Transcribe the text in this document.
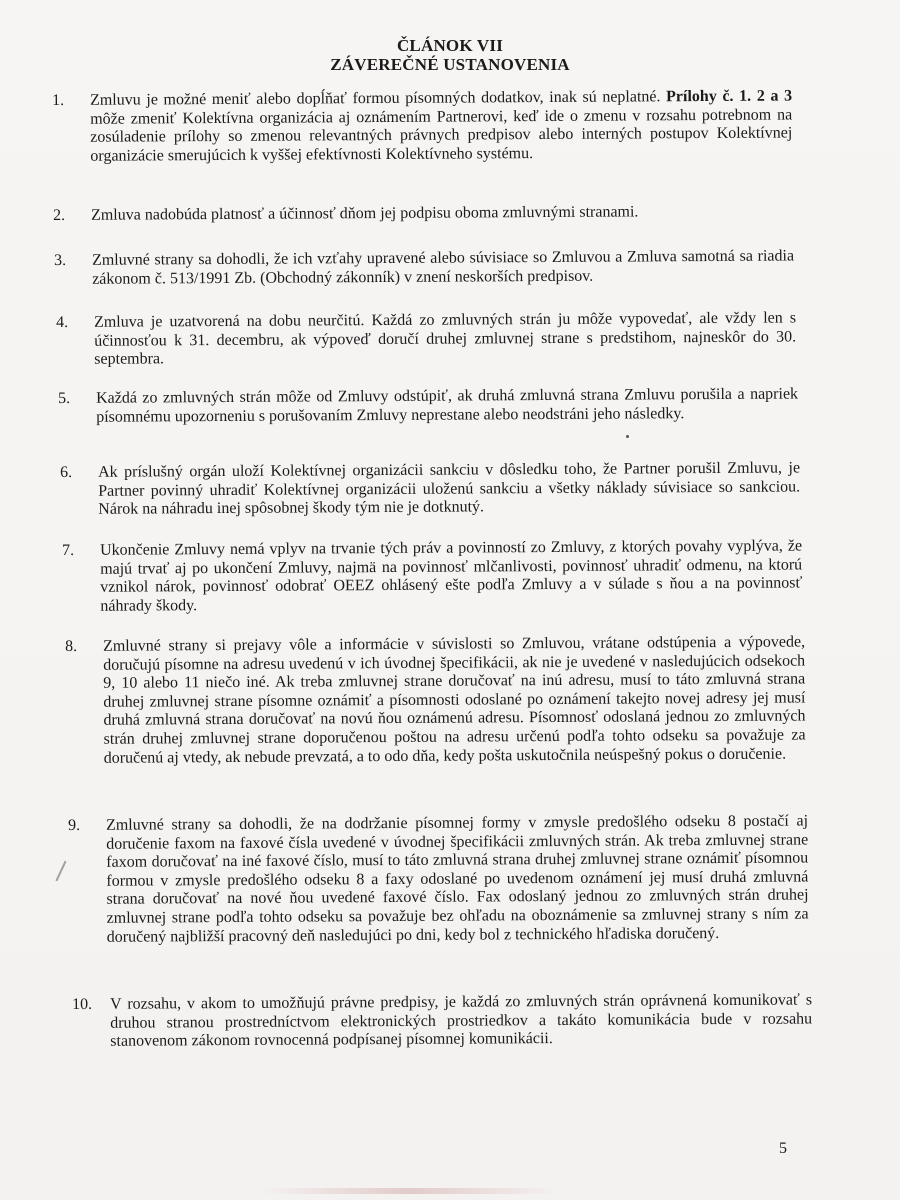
ČLÁNOK VII
ZÁVEREČNÉ USTANOVENIA
1.	Zmluvu je možné meniť alebo dopĺňať formou písomných dodatkov, inak sú neplatné. Prílohy č. 1. 2 a 3 môže zmeniť Kolektívna organizácia aj oznámením Partnerovi, keď ide o zmenu v rozsahu potrebnom na zosúladenie prílohy so zmenou relevantných právnych predpisov alebo interných postupov Kolektívnej organizácie smerujúcich k vyššej efektívnosti Kolektívneho systému.
2.	Zmluva nadobúda platnosť a účinnosť dňom jej podpisu oboma zmluvnými stranami.
3.	Zmluvné strany sa dohodli, že ich vzťahy upravené alebo súvisiace so Zmluvou a Zmluva samotná sa riadia zákonom č. 513/1991 Zb. (Obchodný zákonník) v znení neskorších predpisov.
4.	Zmluva je uzatvorená na dobu neurčitú. Každá zo zmluvných strán ju môže vypovedať, ale vždy len s účinnosťou k 31. decembru, ak výpoveď doručí druhej zmluvnej strane s predstihom, najneskôr do 30. septembra.
5.	Každá zo zmluvných strán môže od Zmluvy odstúpiť, ak druhá zmluvná strana Zmluvu porušila a napriek písomnému upozorneniu s porušovaním Zmluvy neprestane alebo neodstráni jeho následky.
6.	Ak príslušný orgán uloží Kolektívnej organizácii sankciu v dôsledku toho, že Partner porušil Zmluvu, je Partner povinný uhradiť Kolektívnej organizácii uloženú sankciu a všetky náklady súvisiace so sankciou. Nárok na náhradu inej spôsobnej škody tým nie je dotknutý.
7.	Ukončenie Zmluvy nemá vplyv na trvanie tých práv a povinností zo Zmluvy, z ktorých povahy vyplýva, že majú trvať aj po ukončení Zmluvy, najmä na povinnosť mlčanlivosti, povinnosť uhradiť odmenu, na ktorú vznikol nárok, povinnosť odobrať OEEZ ohlásený ešte podľa Zmluvy a v súlade s ňou a na povinnosť náhrady škody.
8.	Zmluvné strany si prejavy vôle a informácie v súvislosti so Zmluvou, vrátane odstúpenia a výpovede, doručujú písomne na adresu uvedenú v ich úvodnej špecifikácii, ak nie je uvedené v nasledujúcich odsekoch 9, 10 alebo 11 niečo iné. Ak treba zmluvnej strane doručovať na inú adresu, musí to táto zmluvná strana druhej zmluvnej strane písomne oznámiť a písomnosti odoslané po oznámení takejto novej adresy jej musí druhá zmluvná strana doručovať na novú ňou oznámenú adresu. Písomnosť odoslaná jednou zo zmluvných strán druhej zmluvnej strane doporučenou poštou na adresu určenú podľa tohto odseku sa považuje za doručenú aj vtedy, ak nebude prevzatá, a to odo dňa, kedy pošta uskutočnila neúspešný pokus o doručenie.
9.	Zmluvné strany sa dohodli, že na dodržanie písomnej formy v zmysle predošlého odseku 8 postačí aj doručenie faxom na faxové čísla uvedené v úvodnej špecifikácii zmluvných strán. Ak treba zmluvnej strane faxom doručovať na iné faxové číslo, musí to táto zmluvná strana druhej zmluvnej strane oznámiť písomnou formou v zmysle predošlého odseku 8 a faxy odoslané po uvedenom oznámení jej musí druhá zmluvná strana doručovať na nové ňou uvedené faxové číslo. Fax odoslaný jednou zo zmluvných strán druhej zmluvnej strane podľa tohto odseku sa považuje bez ohľadu na oboznámenie sa zmluvnej strany s ním za doručený najbližší pracovný deň nasledujúci po dni, kedy bol z technického hľadiska doručený.
10.	V rozsahu, v akom to umožňujú právne predpisy, je každá zo zmluvných strán oprávnená komunikovať s druhou stranou prostredníctvom elektronických prostriedkov a takáto komunikácia bude v rozsahu stanovenom zákonom rovnocenná podpísanej písomnej komunikácii.
5
